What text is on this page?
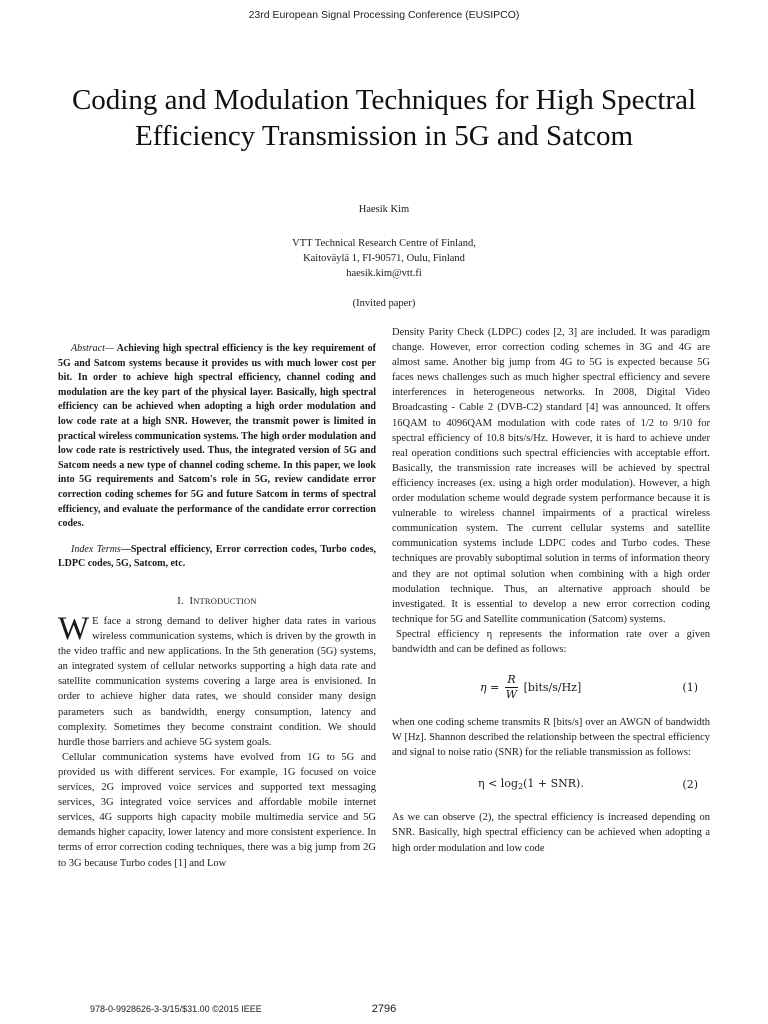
23rd European Signal Processing Conference (EUSIPCO)
Coding and Modulation Techniques for High Spectral Efficiency Transmission in 5G and Satcom
Haesik Kim
VTT Technical Research Centre of Finland,
Kaitoväylä 1, FI-90571, Oulu, Finland
haesik.kim@vtt.fi
(Invited paper)

Abstract— Achieving high spectral efficiency is the key requirement of 5G and Satcom systems because it provides us with much lower cost per bit. In order to achieve high spectral efficiency, channel coding and modulation are the key part of the physical layer. Basically, high spectral efficiency can be achieved when adopting a high order modulation and low code rate at a high SNR. However, the transmit power is limited in practical wireless communication systems. The high order modulation and low code rate is restrictively used. Thus, the integrated version of 5G and Satcom needs a new type of channel coding scheme. In this paper, we look into 5G requirements and Satcom's role in 5G, review candidate error correction coding schemes for 5G and future Satcom in terms of spectral efficiency, and evaluate the performance of the candidate error correction codes.

Index Terms—Spectral efficiency, Error correction codes, Turbo codes, LDPC codes, 5G, Satcom, etc.

I. INTRODUCTION

W E face a strong demand to deliver higher data rates in various wireless communication systems, which is driven by the growth in the video traffic and new applications. In the 5th generation (5G) systems, an integrated system of cellular networks supporting a high data rate and satellite communication systems covering a large area is envisioned. In order to achieve higher data rates, we should consider many design parameters such as bandwidth, energy consumption, latency and complexity. Sometimes they become constraint condition. We should hurdle those barriers and achieve 5G system goals.

Cellular communication systems have evolved from 1G to 5G and provided us with different services. For example, 1G focused on voice services, 2G improved voice services and supported text messaging services, 3G integrated voice services and affordable mobile internet services, 4G supports high capacity mobile multimedia service and 5G demands higher capacity, lower latency and more consistent experience. In terms of error correction coding techniques, there was a big jump from 2G to 3G because Turbo codes [1] and Low

Density Parity Check (LDPC) codes [2, 3] are included. It was paradigm change. However, error correction coding schemes in 3G and 4G are almost same. Another big jump from 4G to 5G is expected because 5G faces news challenges such as much higher spectral efficiency and severe interferences in heterogeneous networks. In 2008, Digital Video Broadcasting - Cable 2 (DVB-C2) standard [4] was announced. It offers 16QAM to 4096QAM modulation with code rates of 1/2 to 9/10 for spectral efficiency of 10.8 bits/s/Hz. However, it is hard to achieve under real operation conditions such spectral efficiencies with acceptable effort. Basically, the transmission rate increases will be achieved by spectral efficiency increases (ex. using a high order modulation). However, a high order modulation scheme would degrade system performance because it is vulnerable to wireless channel impairments of a practical wireless communication system. The current cellular systems and satellite communication systems include LDPC codes and Turbo codes. These techniques are provably suboptimal solution in terms of information theory and they are not optimal solution when combining with a high order modulation technique. Thus, an alternative approach should be investigated. It is essential to develop a new error correction coding technique for 5G and Satellite communication (Satcom) systems.

Spectral efficiency η represents the information rate over a given bandwidth and can be defined as follows:

$\eta = \frac{R}{W}$ [bits/s/Hz]	(1)

when one coding scheme transmits R [bits/s] over an AWGN of bandwidth W [Hz]. Shannon described the relationship between the spectral efficiency and signal to noise ratio (SNR) for the reliable transmission as follows:

$\eta < \log_2(1 + SNR)$.	(2)

As we can observe (2), the spectral efficiency is increased depending on SNR. Basically, high spectral efficiency can be achieved when adopting a high order modulation and low code

978-0-9928626-3-3/15/$31.00 ©2015 IEEE	2796
